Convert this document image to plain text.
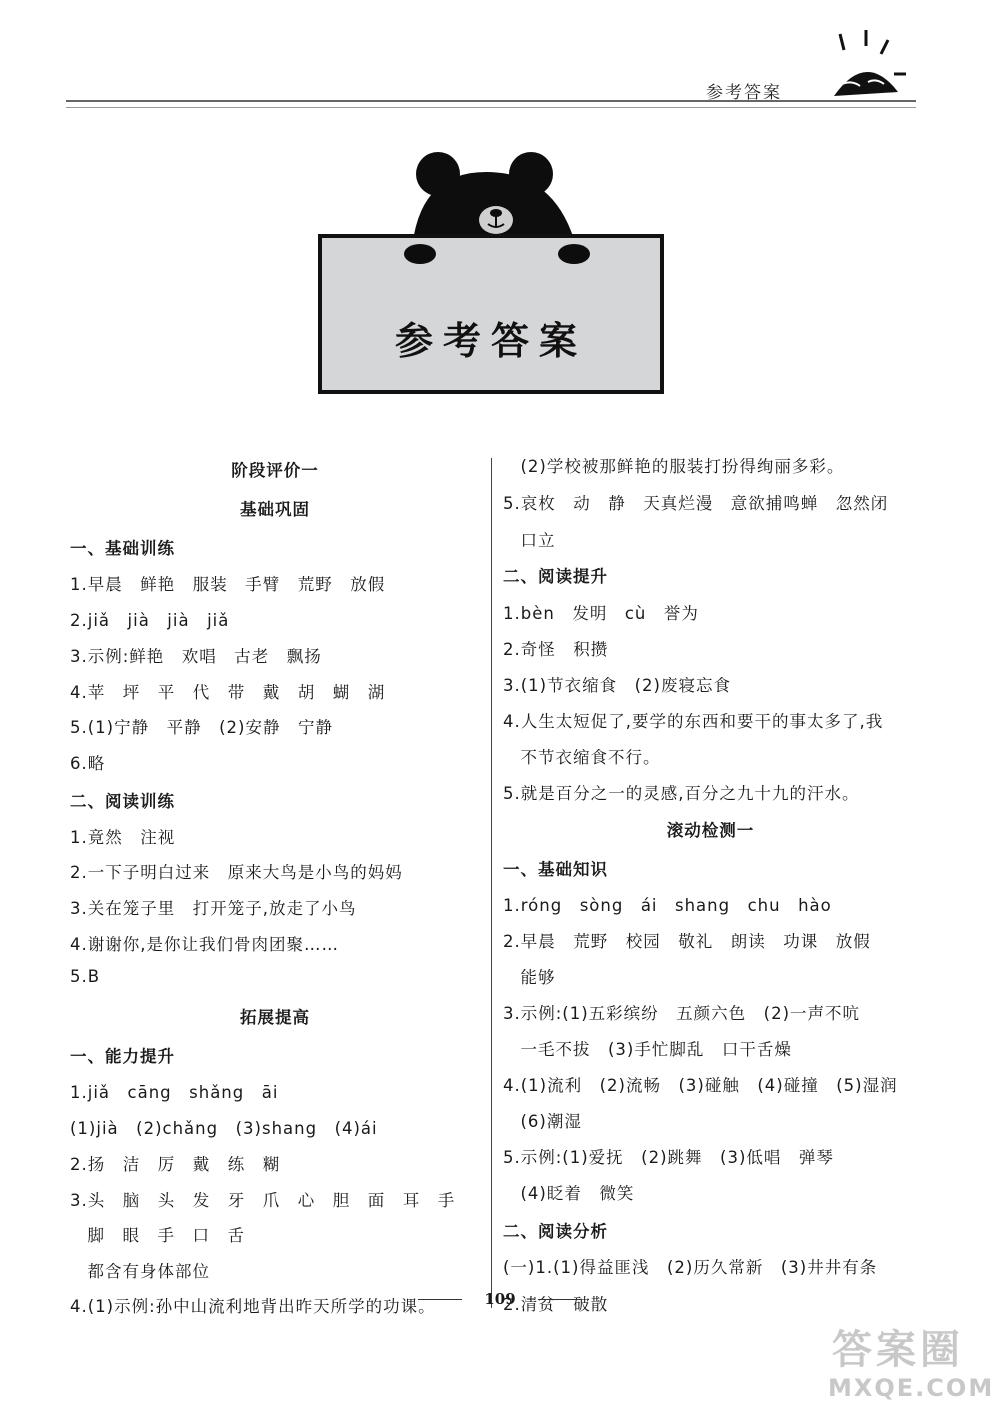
参考答案
参考答案
阶段评价一
基础巩固
一、基础训练
1.早晨　鲜艳　服装　手臂　荒野　放假
2.jiǎ　jià　jià　jiǎ
3.示例:鲜艳　欢唱　古老　飘扬
4.苹　坪　平　代　带　戴　胡　蝴　湖
5.(1)宁静　平静　(2)安静　宁静
6.略
二、阅读训练
1.竟然　注视
2.一下子明白过来　原来大鸟是小鸟的妈妈
3.关在笼子里　打开笼子,放走了小鸟
4.谢谢你,是你让我们骨肉团聚……
5.B
拓展提高
一、能力提升
1.jiǎ　cāng　shǎng　āi
(1)jià　(2)chǎng　(3)shang　(4)ái
2.扬　洁　厉　戴　练　糊
3.头　脑　头　发　牙　爪　心　胆　面　耳　手
　脚　眼　手　口　舌
　都含有身体部位
4.(1)示例:孙中山流利地背出昨天所学的功课。
　(2)学校被那鲜艳的服装打扮得绚丽多彩。
5.哀枚　动　静　天真烂漫　意欲捕鸣蝉　忽然闭
　口立
二、阅读提升
1.bèn　发明　cù　誉为
2.奇怪　积攒
3.(1)节衣缩食　(2)废寝忘食
4.人生太短促了,要学的东西和要干的事太多了,我
　不节衣缩食不行。
5.就是百分之一的灵感,百分之九十九的汗水。
滚动检测一
一、基础知识
1.róng　sòng　ái　shang　chu　hào
2.早晨　荒野　校园　敬礼　朗读　功课　放假
　能够
3.示例:(1)五彩缤纷　五颜六色　(2)一声不吭
　一毛不拔　(3)手忙脚乱　口干舌燥
4.(1)流利　(2)流畅　(3)碰触　(4)碰撞　(5)湿润
　(6)潮湿
5.示例:(1)爱抚　(2)跳舞　(3)低唱　弹琴
　(4)眨着　微笑
二、阅读分析
(一)1.(1)得益匪浅　(2)历久常新　(3)井井有条
2.清贫　破散
109
答案圈
MXQE.COM
